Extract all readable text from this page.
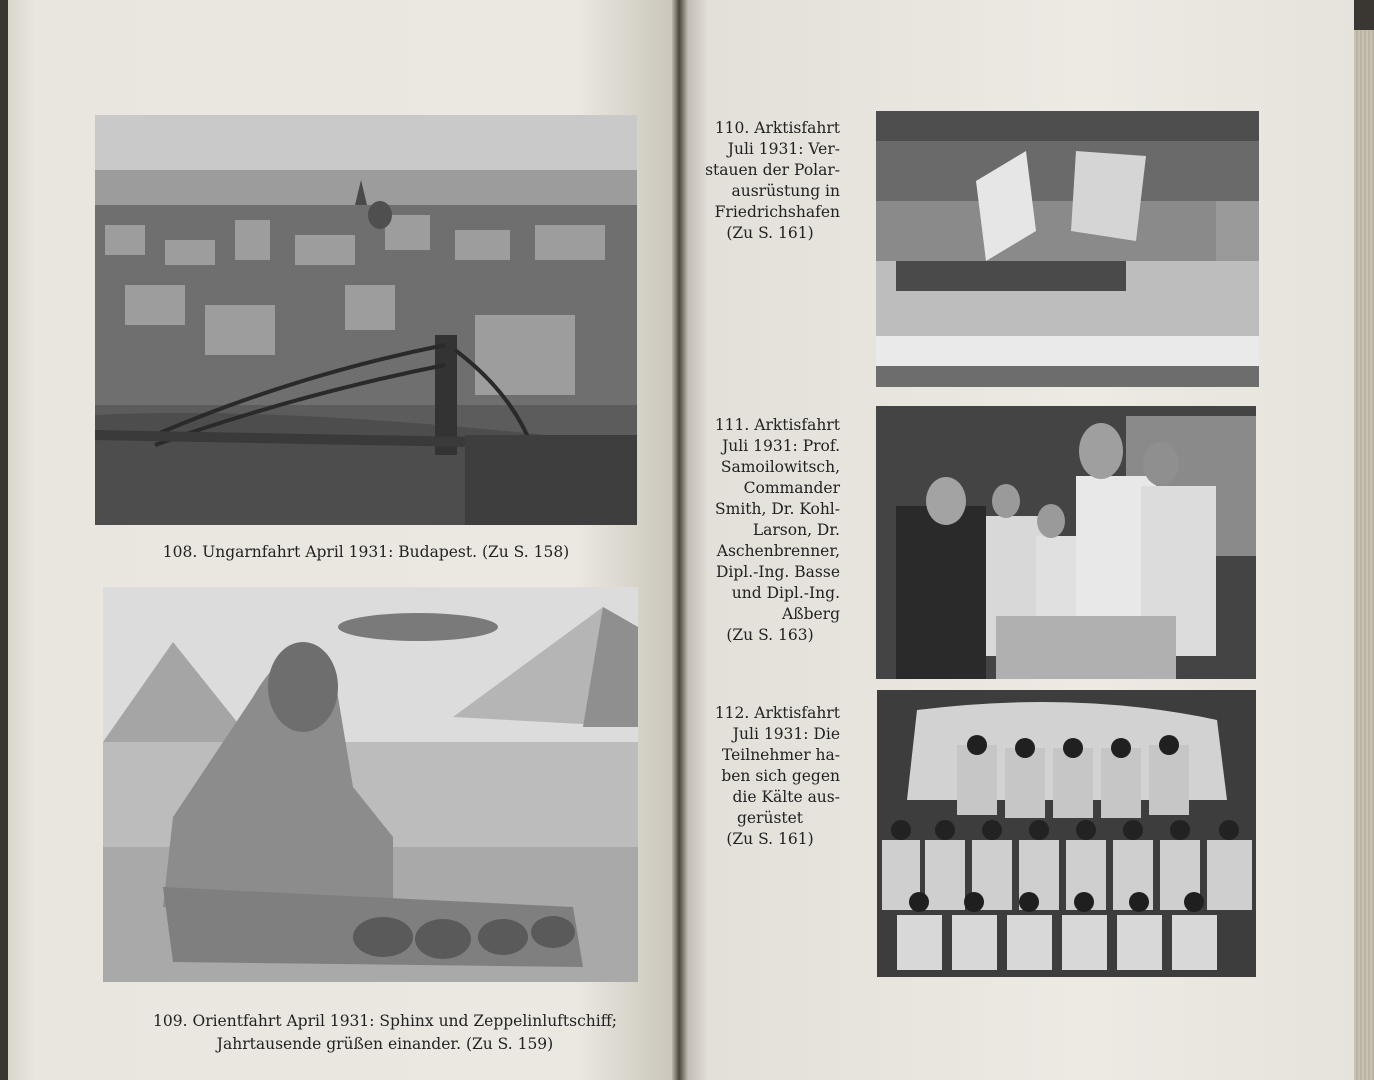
108. Ungarnfahrt April 1931: Budapest. (Zu S. 158)
109. Orientfahrt April 1931: Sphinx und Zeppelinluftschiff;
Jahrtausende grüßen einander. (Zu S. 159)
110. Arktisfahrt
Juli 1931: Ver-
stauen der Polar-
ausrüstung in
Friedrichshafen
(Zu S. 161)
111. Arktisfahrt
Juli 1931: Prof.
Samoilowitsch,
Commander
Smith, Dr. Kohl-
Larson, Dr.
Aschenbrenner,
Dipl.-Ing. Basse
und Dipl.-Ing.
Aßberg
(Zu S. 163)
112. Arktisfahrt
Juli 1931: Die
Teilnehmer ha-
ben sich gegen
die Kälte aus-
gerüstet
(Zu S. 161)
